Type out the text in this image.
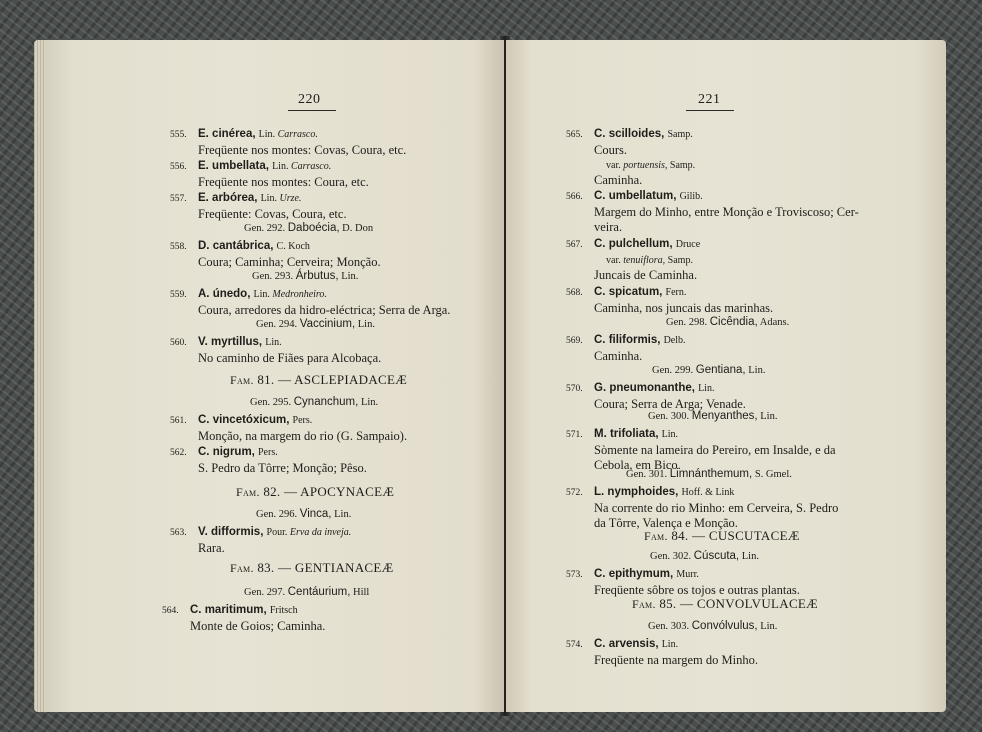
220
555. E. cinérea, Lin. Carrasco.
Freqüente nos montes: Covas, Coura, etc.
556. E. umbellata, Lin. Carrasco.
Freqüente nos montes: Coura, etc.
557. E. arbórea, Lin. Urze.
Freqüente: Covas, Coura, etc.
Gen. 292. Daboécia, D. Don
558. D. cantábrica, C. Koch
Coura; Caminha; Cerveira; Monção.
Gen. 293. Árbutus, Lin.
559. A. únedo, Lin. Medronheiro.
Coura, arredores da hidro-eléctrica; Serra de Arga.
Gen. 294. Vaccinium, Lin.
560. V. myrtillus, Lin.
No caminho de Fiães para Alcobaça.
Fam. 81. — ASCLEPIADACEÆ
Gen. 295. Cynanchum, Lin.
561. C. vincetóxicum, Pers.
Monção, na margem do rio (G. Sampaio).
562. C. nigrum, Pers.
S. Pedro da Tôrre; Monção; Pêso.
Fam. 82. — APOCYNACEÆ
Gen. 296. Vinca, Lin.
563. V. difformis, Pour. Erva da inveja.
Rara.
Fam. 83. — GENTIANACEÆ
Gen. 297. Centáurium, Hill
564. C. maritimum, Fritsch
Monte de Goios; Caminha.
221
565. C. scilloides, Samp.
Cours.
var. portuensis, Samp.
Caminha.
566. C. umbellatum, Gilib.
Margem do Minho, entre Monção e Troviscoso; Cer-
veira.
567. C. pulchellum, Druce
var. tenuiflora, Samp.
Juncais de Caminha.
568. C. spicatum, Fern.
Caminha, nos juncais das marinhas.
Gen. 298. Cicêndia, Adans.
569. C. filiformis, Delb.
Caminha.
Gen. 299. Gentiana, Lin.
570. G. pneumonanthe, Lin.
Coura; Serra de Arga; Venade.
Gen. 300. Menyanthes, Lin.
571. M. trifoliata, Lin.
Sòmente na lameira do Pereiro, em Insalde, e da
Cebola, em Bico.
Gen. 301. Limnánthemum, S. Gmel.
572. L. nymphoides, Hoff. & Link
Na corrente do rio Minho: em Cerveira, S. Pedro
da Tôrre, Valença e Monção.
Fam. 84. — CUSCUTACEÆ
Gen. 302. Cúscuta, Lin.
573. C. epithymum, Murr.
Freqüente sôbre os tojos e outras plantas.
Fam. 85. — CONVOLVULACEÆ
Gen. 303. Convólvulus, Lin.
574. C. arvensis, Lin.
Freqüente na margem do Minho.
